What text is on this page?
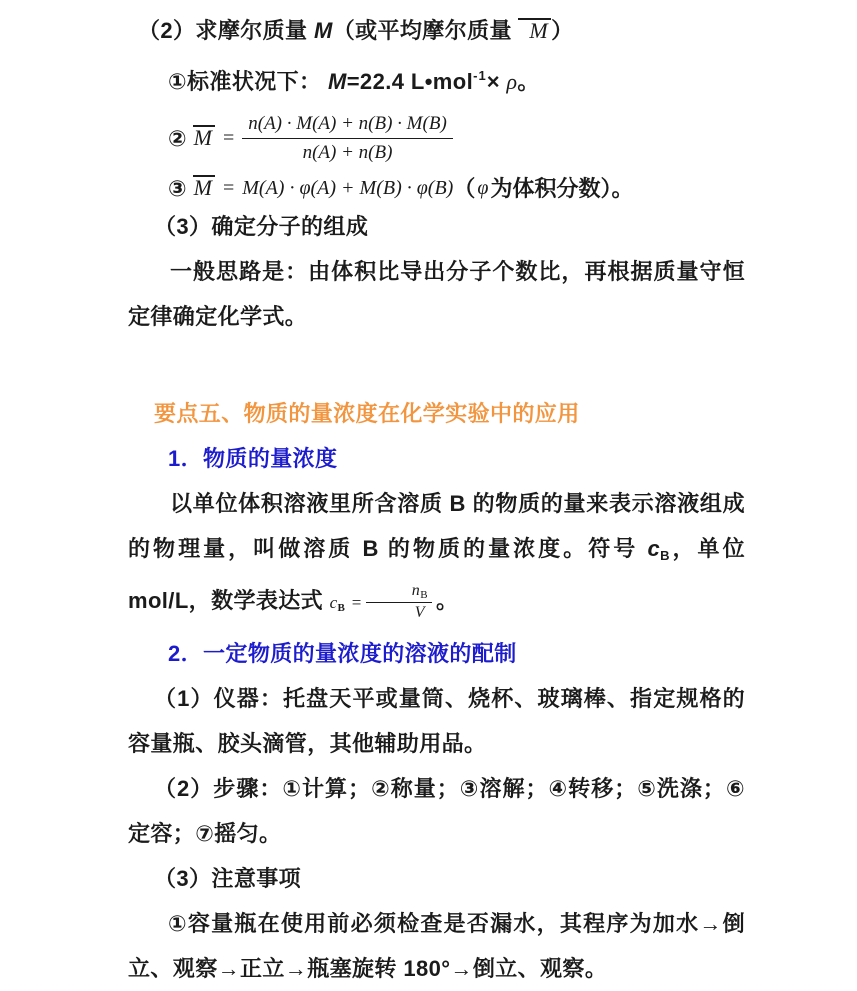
（2）求摩尔质量 M（或平均摩尔质量 M ）

①标准状况下： M=22.4 L•mol$^{-1}$× ρ。

② $M = \frac{n(A) \cdot M(A) + n(B) \cdot M(B)}{n(A) + n(B)}$
③ M = M(A) · φ(A) + M(B) · φ(B) （ φ 为体积分数）。

（3）确定分子的组成

一般思路是：由体积比导出分子个数比，再根据质量守恒定律确定化学式。

要点五、物质的量浓度在化学实验中的应用

1．物质的量浓度

以单位体积溶液里所含溶质 B 的物质的量来表示溶液组成的物理量，叫做溶质 B 的物质的量浓度。符号 $c_B$，单位 mol/L，数学表达式 cB = $\frac{nB}{V}$ 。

2．一定物质的量浓度的溶液的配制

（1）仪器：托盘天平或量筒、烧杯、玻璃棒、指定规格的容量瓶、胶头滴管，其他辅助用品。

（2）步骤：①计算；②称量；③溶解；④转移；⑤洗涤；⑥定容；⑦摇匀。

（3）注意事项

①容量瓶在使用前必须检查是否漏水，其程序为加水→倒立、观察→正立→瓶塞旋转 180°→倒立、观察。
